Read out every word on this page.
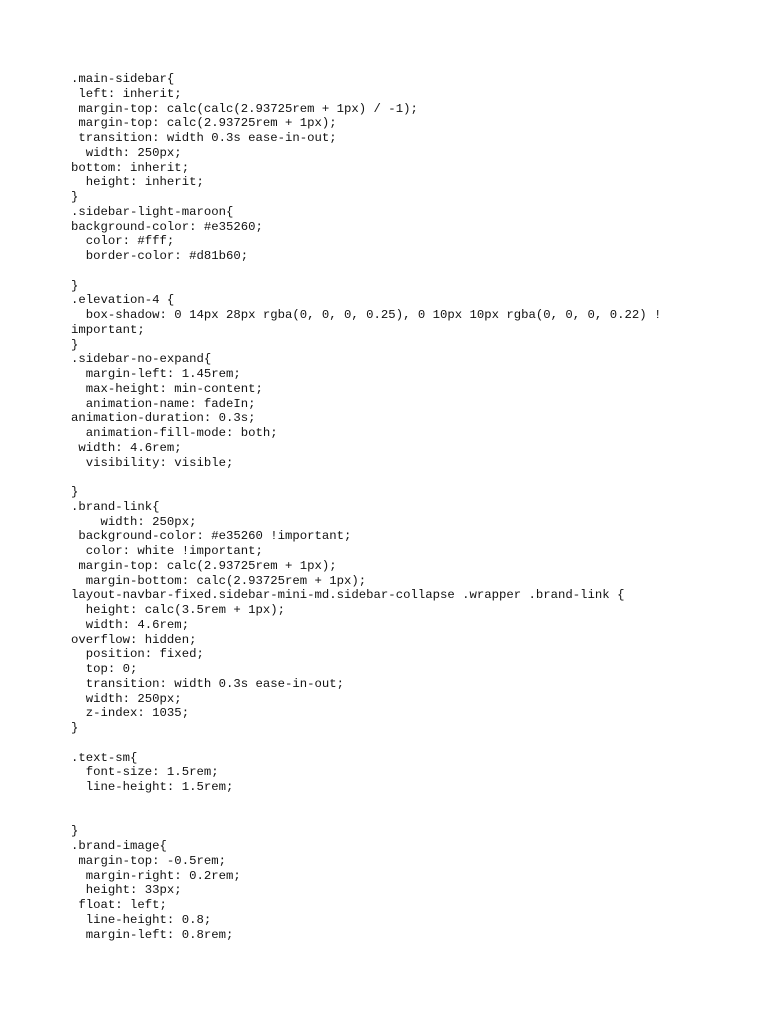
.main-sidebar{
left: inherit;
margin-top: calc(calc(2.93725rem + 1px) / -1);
margin-top: calc(2.93725rem + 1px);
transition: width 0.3s ease-in-out;
width: 250px;
bottom: inherit;
height: inherit;
}
.sidebar-light-maroon{
background-color: #e35260;
color: #fff;
border-color: #d81b60;
}
.elevation-4 {
box-shadow: 0 14px 28px rgba(0, 0, 0, 0.25), 0 10px 10px rgba(0, 0, 0, 0.22) !
important;
}
.sidebar-no-expand{
margin-left: 1.45rem;
max-height: min-content;
animation-name: fadeIn;
animation-duration: 0.3s;
animation-fill-mode: both;
width: 4.6rem;
visibility: visible;
}
.brand-link{
width: 250px;
background-color: #e35260 !important;
color: white !important;
margin-top: calc(2.93725rem + 1px);
margin-bottom: calc(2.93725rem + 1px);
layout-navbar-fixed.sidebar-mini-md.sidebar-collapse .wrapper .brand-link {
height: calc(3.5rem + 1px);
width: 4.6rem;
overflow: hidden;
position: fixed;
top: 0;
transition: width 0.3s ease-in-out;
width: 250px;
z-index: 1035;
}
.text-sm{
font-size: 1.5rem;
line-height: 1.5rem;
}
.brand-image{
margin-top: -0.5rem;
margin-right: 0.2rem;
height: 33px;
float: left;
line-height: 0.8;
margin-left: 0.8rem;
